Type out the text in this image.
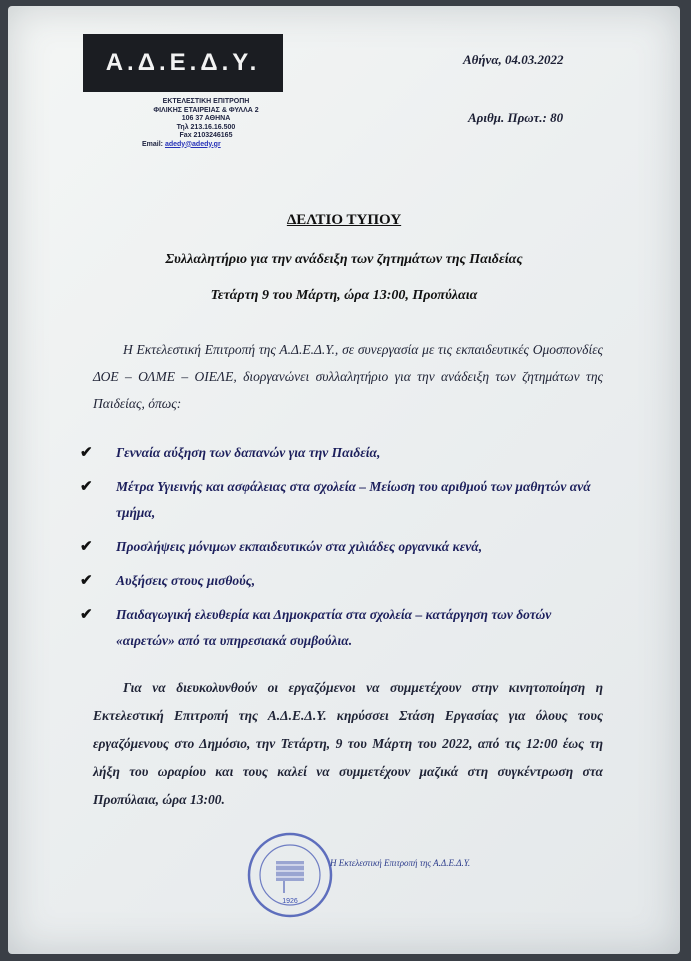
Α.Δ.Ε.Δ.Υ.
ΕΚΤΕΛΕΣΤΙΚΗ ΕΠΙΤΡΟΠΗ
ΦΙΛΙΚΗΣ ΕΤΑΙΡΕΙΑΣ & ΦΥΛΛΑ 2
106 37 ΑΘΗΝΑ
Τηλ 213.16.16.500
Fax 2103246165
Email: adedy@adedy.gr
Αθήνα, 04.03.2022
Αριθμ. Πρωτ.: 80
ΔΕΛΤΙΟ ΤΥΠΟΥ
Συλλαλητήριο για την ανάδειξη των ζητημάτων της Παιδείας
Τετάρτη 9 του Μάρτη, ώρα 13:00, Προπύλαια
Η Εκτελεστική Επιτροπή της Α.Δ.Ε.Δ.Υ., σε συνεργασία με τις εκπαιδευτικές Ομοσπονδίες ΔΟΕ – ΟΛΜΕ – ΟΙΕΛΕ, διοργανώνει συλλαλητήριο για την ανάδειξη των ζητημάτων της Παιδείας, όπως:
✔ Γενναία αύξηση των δαπανών για την Παιδεία,
✔ Μέτρα Υγιεινής και ασφάλειας στα σχολεία – Μείωση του αριθμού των μαθητών ανά τμήμα,
✔ Προσλήψεις μόνιμων εκπαιδευτικών στα χιλιάδες οργανικά κενά,
✔ Αυξήσεις στους μισθούς,
✔ Παιδαγωγική ελευθερία και Δημοκρατία στα σχολεία – κατάργηση των δοτών «αιρετών» από τα υπηρεσιακά συμβούλια.
Για να διευκολυνθούν οι εργαζόμενοι να συμμετέχουν στην κινητοποίηση η Εκτελεστική Επιτροπή της Α.Δ.Ε.Δ.Υ. κηρύσσει Στάση Εργασίας για όλους τους εργαζόμενους στο Δημόσιο, την Τετάρτη, 9 του Μάρτη του 2022, από τις 12:00 έως τη λήξη του ωραρίου και τους καλεί να συμμετέχουν μαζικά στη συγκέντρωση στα Προπύλαια, ώρα 13:00.
1926
Η Εκτελεστική Επιτροπή της Α.Δ.Ε.Δ.Υ.
